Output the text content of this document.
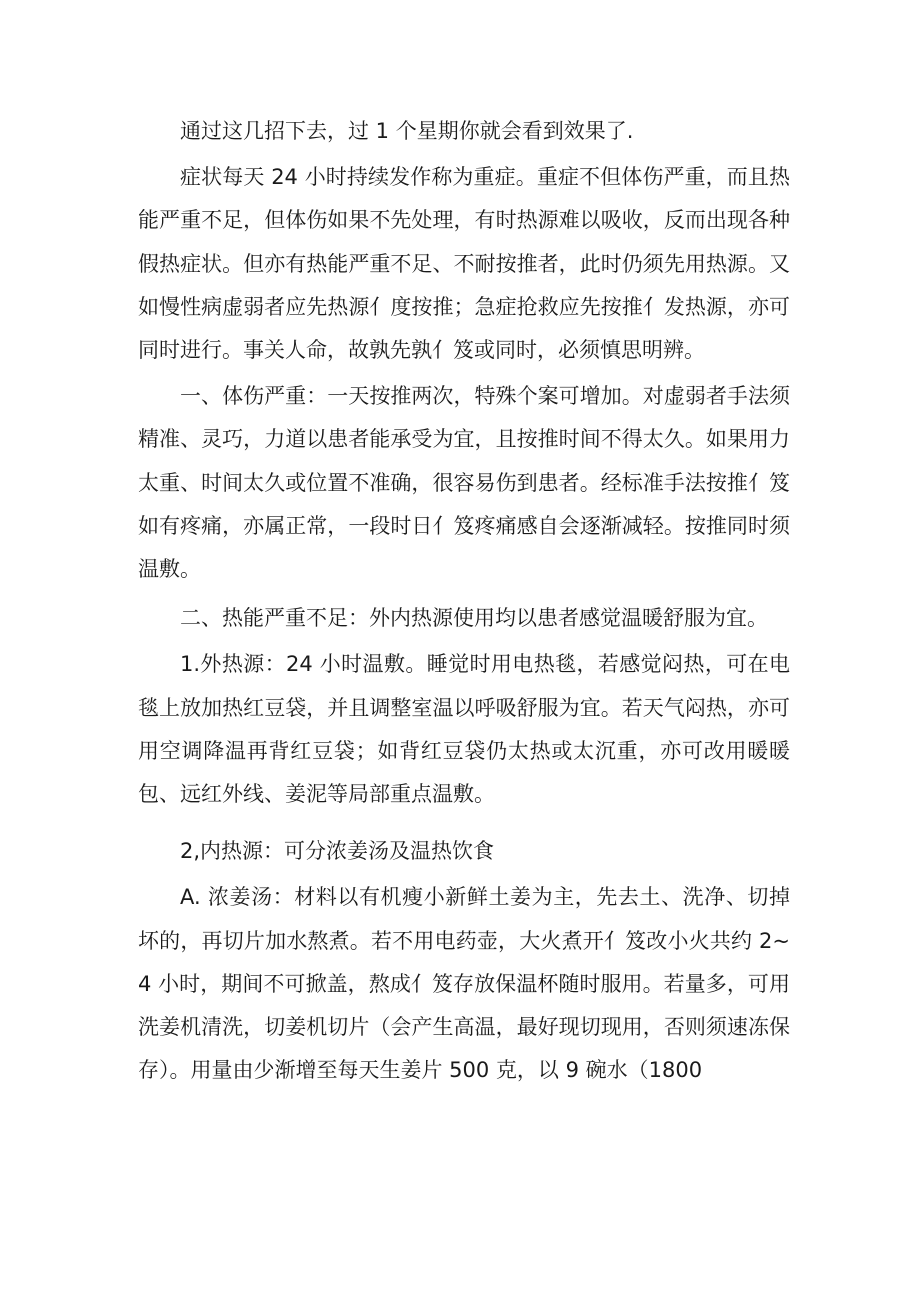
通过这几招下去，过 1 个星期你就会看到效果了.

症状每天 24 小时持续发作称为重症。重症不但体伤严重，而且热能严重不足，但体伤如果不先处理，有时热源难以吸收，反而出现各种假热症状。但亦有热能严重不足、不耐按推者，此时仍须先用热源。又如慢性病虚弱者应先热源亻度按推；急症抢救应先按推亻发热源，亦可同时进行。事关人命，故孰先孰亻笈或同时，必须慎思明辨。

一、体伤严重：一天按推两次，特殊个案可增加。对虚弱者手法须精准、灵巧，力道以患者能承受为宜，且按推时间不得太久。如果用力太重、时间太久或位置不准确，很容易伤到患者。经标准手法按推亻笈如有疼痛，亦属正常，一段时日亻笈疼痛感自会逐渐减轻。按推同时须温敷。

二、热能严重不足：外内热源使用均以患者感觉温暖舒服为宜。

1.外热源：24 小时温敷。睡觉时用电热毯，若感觉闷热，可在电毯上放加热红豆袋，并且调整室温以呼吸舒服为宜。若天气闷热，亦可用空调降温再背红豆袋；如背红豆袋仍太热或太沉重，亦可改用暖暖包、远红外线、姜泥等局部重点温敷。

2,内热源：可分浓姜汤及温热饮食

A. 浓姜汤：材料以有机瘦小新鲜土姜为主，先去土、洗净、切掉坏的，再切片加水熬煮。若不用电药壶，大火煮开亻笈改小火共约 2~4 小时，期间不可掀盖，熬成亻笈存放保温杯随时服用。若量多，可用洗姜机清洗，切姜机切片（会产生高温，最好现切现用，否则须速冻保存）。用量由少渐增至每天生姜片 500 克，以 9 碗水（1800
